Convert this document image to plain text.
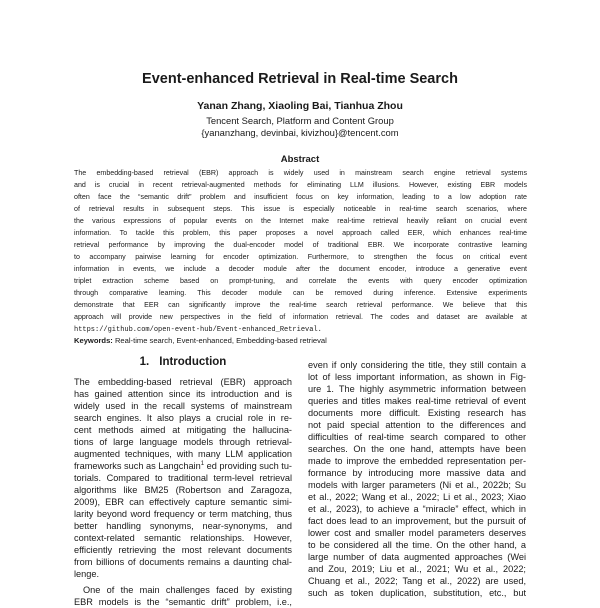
Event-enhanced Retrieval in Real-time Search
Yanan Zhang, Xiaoling Bai, Tianhua Zhou
Tencent Search, Platform and Content Group
{yananzhang, devinbai, kivizhou}@tencent.com
Abstract
The embedding-based retrieval (EBR) approach is widely used in mainstream search engine retrieval systems
and is crucial in recent retrieval-augmented methods for eliminating LLM illusions. However, existing EBR models
often face the “semantic drift” problem and insufficient focus on key information, leading to a low adoption rate
of retrieval results in subsequent steps. This issue is especially noticeable in real-time search scenarios, where
the various expressions of popular events on the Internet make real-time retrieval heavily reliant on crucial event
information. To tackle this problem, this paper proposes a novel approach called EER, which enhances real-time
retrieval performance by improving the dual-encoder model of traditional EBR. We incorporate contrastive learning
to accompany pairwise learning for encoder optimization. Furthermore, to strengthen the focus on critical event
information in events, we include a decoder module after the document encoder, introduce a generative event
triplet extraction scheme based on prompt-tuning, and correlate the events with query encoder optimization
through comparative learning. This decoder module can be removed during inference. Extensive experiments
demonstrate that EER can significantly improve the real-time search retrieval performance. We believe that this
approach will provide new perspectives in the field of information retrieval. The codes and dataset are available at
https://github.com/open-event-hub/Event-enhanced_Retrieval.
Keywords: Real-time search, Event-enhanced, Embedding-based retrieval
1. Introduction
The embedding-based retrieval (EBR) approach
has gained attention since its introduction and is
widely used in the recall systems of mainstream
search engines. It also plays a crucial role in re-
cent methods aimed at mitigating the hallucina-
tions of large language models through retrieval-
augmented techniques, with many LLM application
frameworks such as Langchain$^1$ ed providing such tu-
torials. Compared to traditional term-level retrieval
algorithms like BM25 (Robertson and Zaragoza,
2009), EBR can effectively capture semantic simi-
larity beyond word frequency or term matching, thus
better handling synonyms, near-synonyms, and
context-related semantic relationships. However,
efficiently retrieving the most relevant documents
from billions of documents remains a daunting chal-
lenge.
One of the main challenges faced by existing
EBR models is the “semantic drift” problem, i.e.,
even if only considering the title, they still contain a
lot of less important information, as shown in Fig-
ure 1. The highly asymmetric information between
queries and titles makes real-time retrieval of event
documents more difficult. Existing research has
not paid special attention to the differences and
difficulties of real-time search compared to other
searches. On the one hand, attempts have been
made to improve the embedded representation per-
formance by introducing more massive data and
models with larger parameters (Ni et al., 2022b; Su
et al., 2022; Wang et al., 2022; Li et al., 2023; Xiao
et al., 2023), to achieve a “miracle” effect, which in
fact does lead to an improvement, but the pursuit of
lower cost and smaller model parameters deserves
to be considered all the time. On the other hand, a
large number of data augmented approaches (Wei
and Zou, 2019; Liu et al., 2021; Wu et al., 2022;
Chuang et al., 2022; Tang et al., 2022) are used,
such as token duplication, substitution, etc., but
